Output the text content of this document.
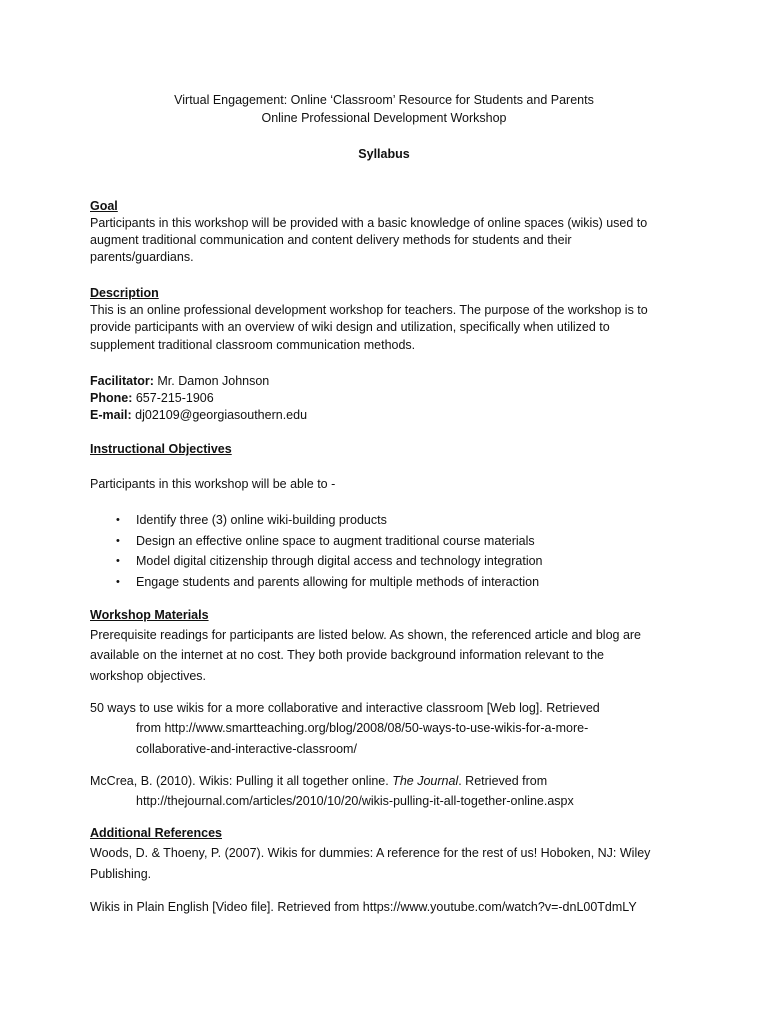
Virtual Engagement: Online ‘Classroom’ Resource for Students and Parents
Online Professional Development Workshop
Syllabus
Goal
Participants in this workshop will be provided with a basic knowledge of online spaces (wikis) used to
augment traditional communication and content delivery methods for students and their
parents/guardians.
Description
This is an online professional development workshop for teachers. The purpose of the workshop is to
provide participants with an overview of wiki design and utilization, specifically when utilized to
supplement traditional classroom communication methods.
Facilitator: Mr. Damon Johnson
Phone: 657-215-1906
E-mail: dj02109@georgiasouthern.edu
Instructional Objectives
Participants in this workshop will be able to -
• Identify three (3) online wiki-building products
• Design an effective online space to augment traditional course materials
• Model digital citizenship through digital access and technology integration
• Engage students and parents allowing for multiple methods of interaction
Workshop Materials
Prerequisite readings for participants are listed below. As shown, the referenced article and blog are
available on the internet at no cost. They both provide background information relevant to the
workshop objectives.
50 ways to use wikis for a more collaborative and interactive classroom [Web log]. Retrieved
from http://www.smartteaching.org/blog/2008/08/50-ways-to-use-wikis-for-a-more-
collaborative-and-interactive-classroom/
McCrea, B. (2010). Wikis: Pulling it all together online. The Journal. Retrieved from
http://thejournal.com/articles/2010/10/20/wikis-pulling-it-all-together-online.aspx
Additional References
Woods, D. & Thoeny, P. (2007). Wikis for dummies: A reference for the rest of us! Hoboken, NJ: Wiley
Publishing.
Wikis in Plain English [Video file]. Retrieved from https://www.youtube.com/watch?v=-dnL00TdmLY
